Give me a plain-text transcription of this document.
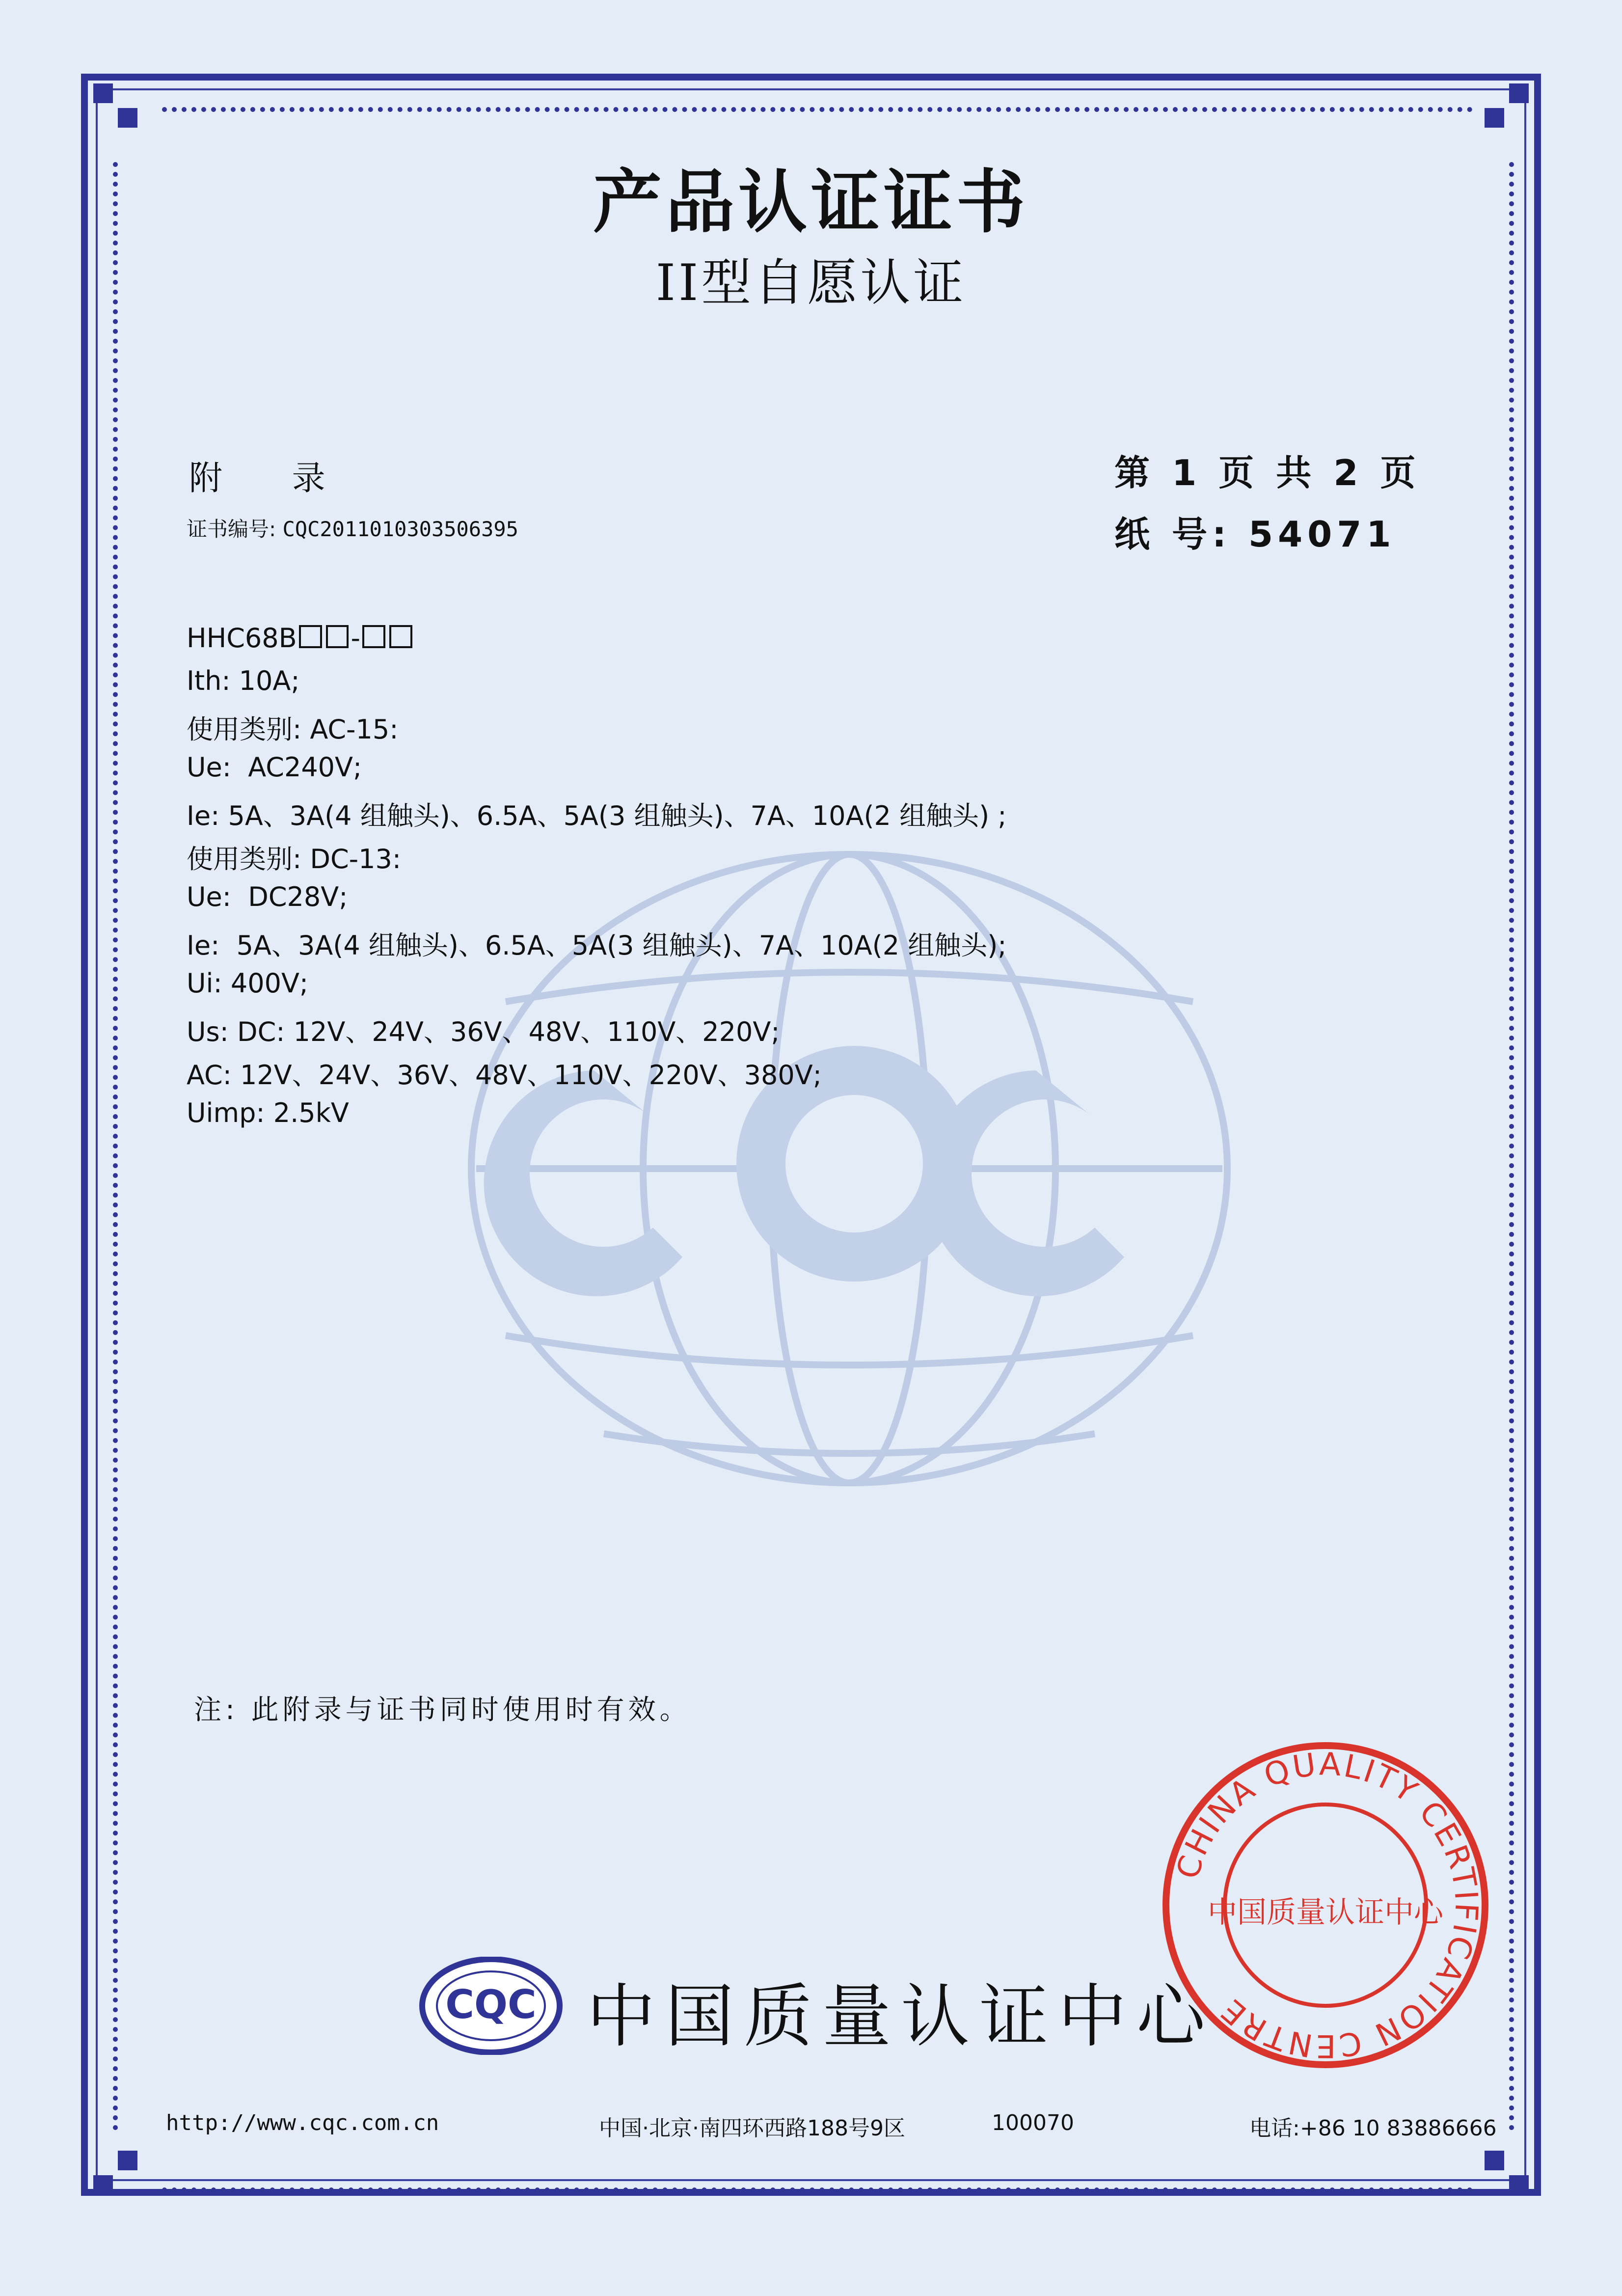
产品认证证书
II型自愿认证
附 录
证书编号: CQC2011010303506395
第 1 页 共 2 页
纸 号: 54071
HHC68B -
Ith: 10A;
使用类别: AC-15:
Ue:  AC240V;
Ie: 5A、3A(4 组触头)、6.5A、5A(3 组触头)、7A、10A(2 组触头) ;
使用类别: DC-13:
Ue:  DC28V;
Ie:  5A、3A(4 组触头)、6.5A、5A(3 组触头)、7A、10A(2 组触头);
Ui: 400V;
Us: DC: 12V、24V、36V、48V、110V、220V;
AC: 12V、24V、36V、48V、110V、220V、380V;
Uimp: 2.5kV
注: 此附录与证书同时使用时有效。
CQC 中国质量认证中心
CHINA QUALITY CERTIFICATION CENTRE
中国质量认证中心
http://www.cqc.com.cn	中国·北京·南四环西路188号9区	100070	电话:+86 10 83886666
